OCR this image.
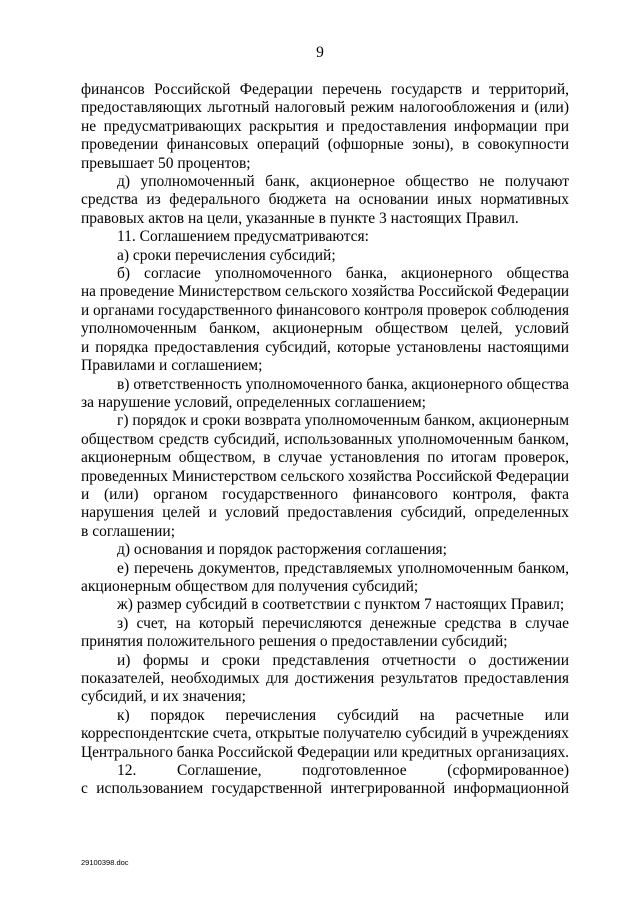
9
финансов Российской Федерации перечень государств и территорий,
предоставляющих льготный налоговый режим налогообложения и (или)
не предусматривающих раскрытия и предоставления информации при
проведении финансовых операций (офшорные зоны), в совокупности
превышает 50 процентов;
д) уполномоченный банк, акционерное общество не получают
средства из федерального бюджета на основании иных нормативных
правовых актов на цели, указанные в пункте 3 настоящих Правил.
11. Соглашением предусматриваются:
а) сроки перечисления субсидий;
б) согласие уполномоченного банка, акционерного общества
на проведение Министерством сельского хозяйства Российской Федерации
и органами государственного финансового контроля проверок соблюдения
уполномоченным банком, акционерным обществом целей, условий
и порядка предоставления субсидий, которые установлены настоящими
Правилами и соглашением;
в) ответственность уполномоченного банка, акционерного общества
за нарушение условий, определенных соглашением;
г) порядок и сроки возврата уполномоченным банком, акционерным
обществом средств субсидий, использованных уполномоченным банком,
акционерным обществом, в случае установления по итогам проверок,
проведенных Министерством сельского хозяйства Российской Федерации
и (или) органом государственного финансового контроля, факта
нарушения целей и условий предоставления субсидий, определенных
в соглашении;
д) основания и порядок расторжения соглашения;
е) перечень документов, представляемых уполномоченным банком,
акционерным обществом для получения субсидий;
ж) размер субсидий в соответствии с пунктом 7 настоящих Правил;
з) счет, на который перечисляются денежные средства в случае
принятия положительного решения о предоставлении субсидий;
и) формы и сроки представления отчетности о достижении
показателей, необходимых для достижения результатов предоставления
субсидий, и их значения;
к) порядок перечисления субсидий на расчетные или
корреспондентские счета, открытые получателю субсидий в учреждениях
Центрального банка Российской Федерации или кредитных организациях.
12. Соглашение, подготовленное (сформированное)
с использованием государственной интегрированной информационной
29100398.doc
